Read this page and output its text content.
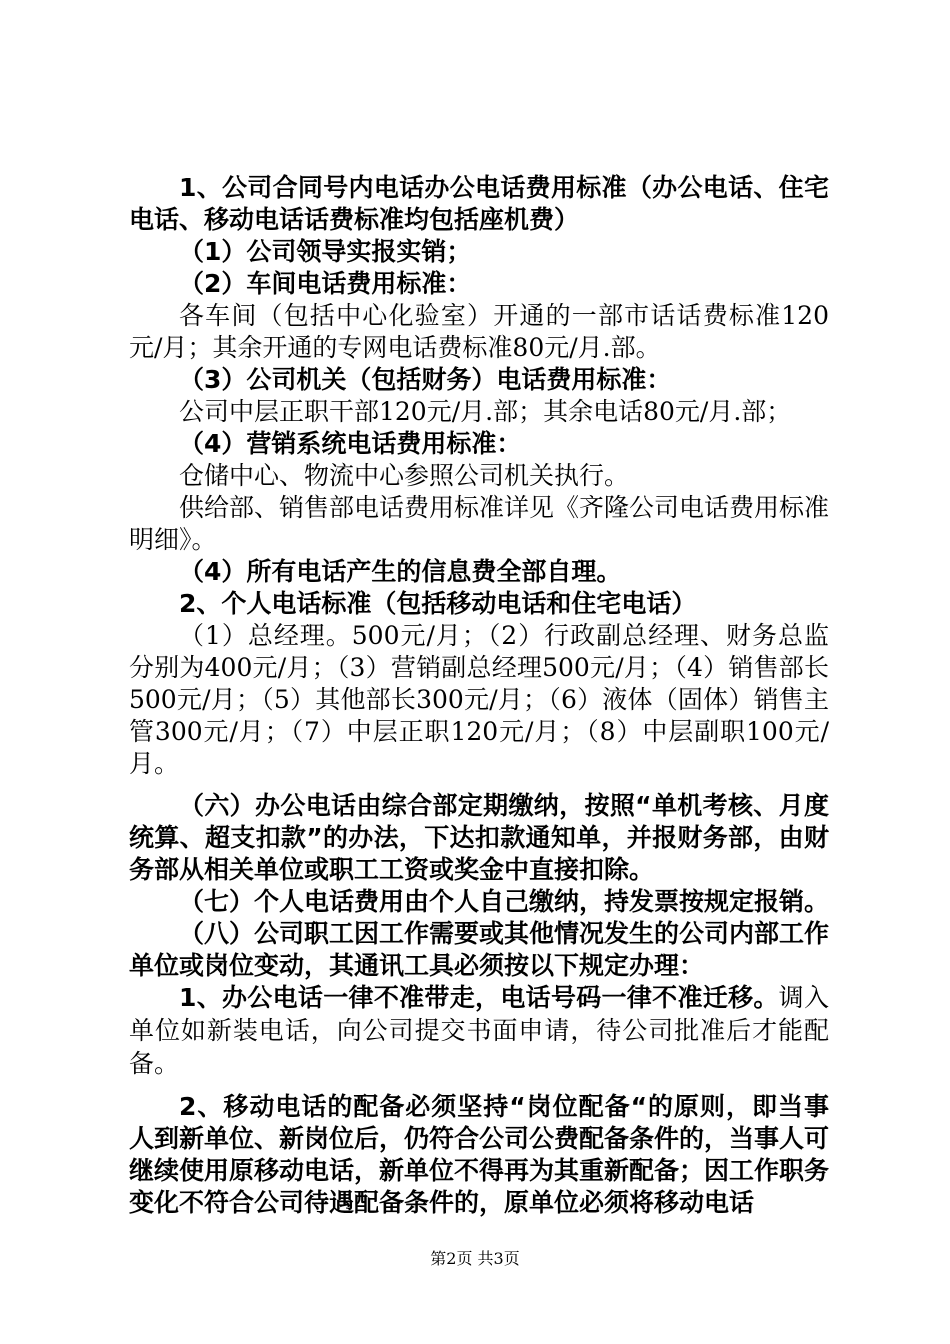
1、公司合同号内电话办公电话费用标准（办公电话、住宅电话、移动电话话费标准均包括座机费）

（1）公司领导实报实销；

（2）车间电话费用标准：

各车间（包括中心化验室）开通的一部市话话费标准120元/月；其余开通的专网电话费标准80元/月.部。

（3）公司机关（包括财务）电话费用标准：

公司中层正职干部120元/月.部；其余电话80元/月.部；

（4）营销系统电话费用标准：

仓储中心、物流中心参照公司机关执行。

供给部、销售部电话费用标准详见《齐隆公司电话费用标准明细》。

（4）所有电话产生的信息费全部自理。

2、个人电话标准（包括移动电话和住宅电话）

（1）总经理。500元/月；（2）行政副总经理、财务总监分别为400元/月；（3）营销副总经理500元/月；（4）销售部长500元/月；（5）其他部长300元/月；（6）液体（固体）销售主管300元/月；（7）中层正职120元/月；（8）中层副职100元/月。

（六）办公电话由综合部定期缴纳，按照“单机考核、月度统算、超支扣款”的办法，下达扣款通知单，并报财务部，由财务部从相关单位或职工工资或奖金中直接扣除。

（七）个人电话费用由个人自己缴纳，持发票按规定报销。

（八）公司职工因工作需要或其他情况发生的公司内部工作单位或岗位变动，其通讯工具必须按以下规定办理：

1、办公电话一律不准带走，电话号码一律不准迁移。调入单位如新装电话，向公司提交书面申请，待公司批准后才能配备。

2、移动电话的配备必须坚持“岗位配备“的原则，即当事人到新单位、新岗位后，仍符合公司公费配备条件的，当事人可继续使用原移动电话，新单位不得再为其重新配备；因工作职务变化不符合公司待遇配备条件的，原单位必须将移动电话

第2页 共3页
